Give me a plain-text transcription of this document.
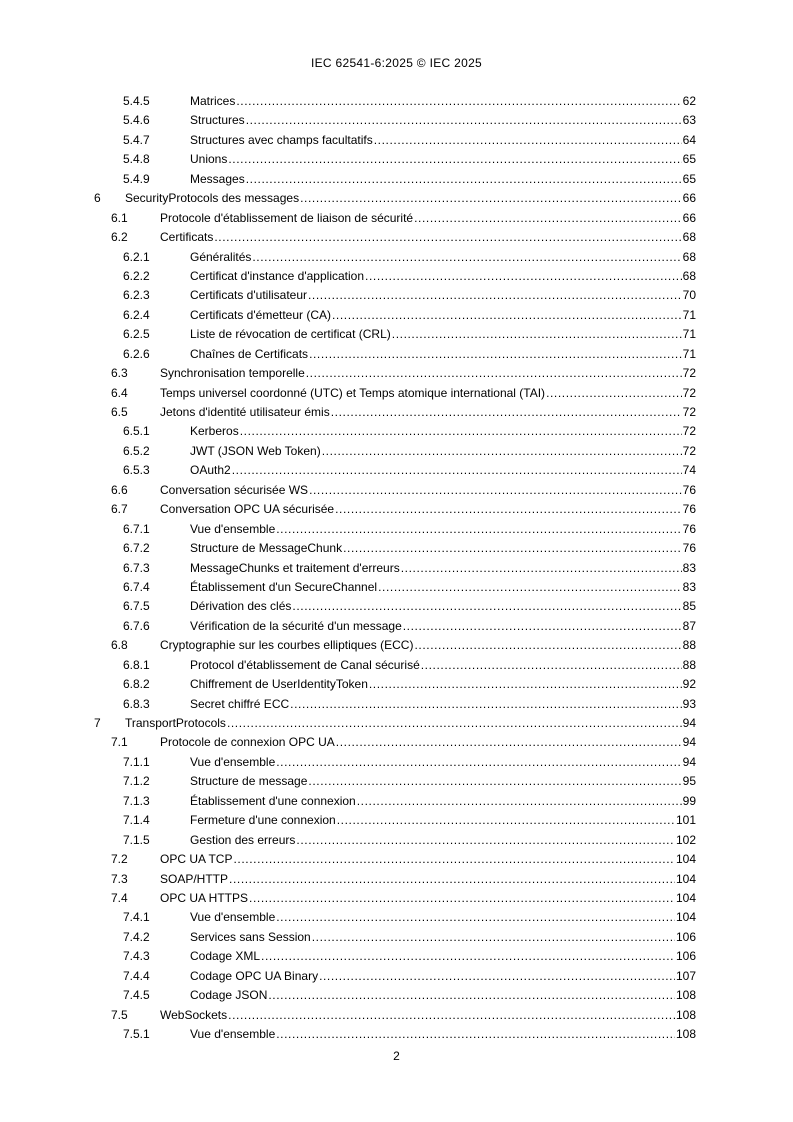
IEC 62541-6:2025 © IEC 2025
5.4.5	Matrices .....	62
5.4.6	Structures .....	63
5.4.7	Structures avec champs facultatifs .....	64
5.4.8	Unions .....	65
5.4.9	Messages .....	65
6 SecurityProtocols des messages .....	66
6.1	Protocole d'établissement de liaison de sécurité .....	66
6.2	Certificats .....	68
6.2.1	Généralités .....	68
6.2.2	Certificat d'instance d'application .....	68
6.2.3	Certificats d'utilisateur .....	70
6.2.4	Certificats d'émetteur (CA) .....	71
6.2.5	Liste de révocation de certificat (CRL) .....	71
6.2.6	Chaînes de Certificats .....	71
6.3	Synchronisation temporelle .....	72
6.4	Temps universel coordonné (UTC) et Temps atomique international (TAI) .....	72
6.5	Jetons d'identité utilisateur émis .....	72
6.5.1	Kerberos .....	72
6.5.2	JWT (JSON Web Token) .....	72
6.5.3	OAuth2 .....	74
6.6	Conversation sécurisée WS .....	76
6.7	Conversation OPC UA sécurisée .....	76
6.7.1	Vue d'ensemble .....	76
6.7.2	Structure de MessageChunk .....	76
6.7.3	MessageChunks et traitement d'erreurs .....	83
6.7.4	Établissement d'un SecureChannel .....	83
6.7.5	Dérivation des clés .....	85
6.7.6	Vérification de la sécurité d'un message .....	87
6.8	Cryptographie sur les courbes elliptiques (ECC) .....	88
6.8.1	Protocol d'établissement de Canal sécurisé .....	88
6.8.2	Chiffrement de UserIdentityToken .....	92
6.8.3	Secret chiffré ECC .....	93
7 TransportProtocols .....	94
7.1	Protocole de connexion OPC UA .....	94
7.1.1	Vue d'ensemble .....	94
7.1.2	Structure de message .....	95
7.1.3	Établissement d'une connexion .....	99
7.1.4	Fermeture d'une connexion .....	101
7.1.5	Gestion des erreurs .....	102
7.2	OPC UA TCP .....	104
7.3	SOAP/HTTP .....	104
7.4	OPC UA HTTPS .....	104
7.4.1	Vue d'ensemble .....	104
7.4.2	Services sans Session .....	106
7.4.3	Codage XML .....	106
7.4.4	Codage OPC UA Binary .....	107
7.4.5	Codage JSON .....	108
7.5	WebSockets .....	108
7.5.1	Vue d'ensemble .....	108
2
